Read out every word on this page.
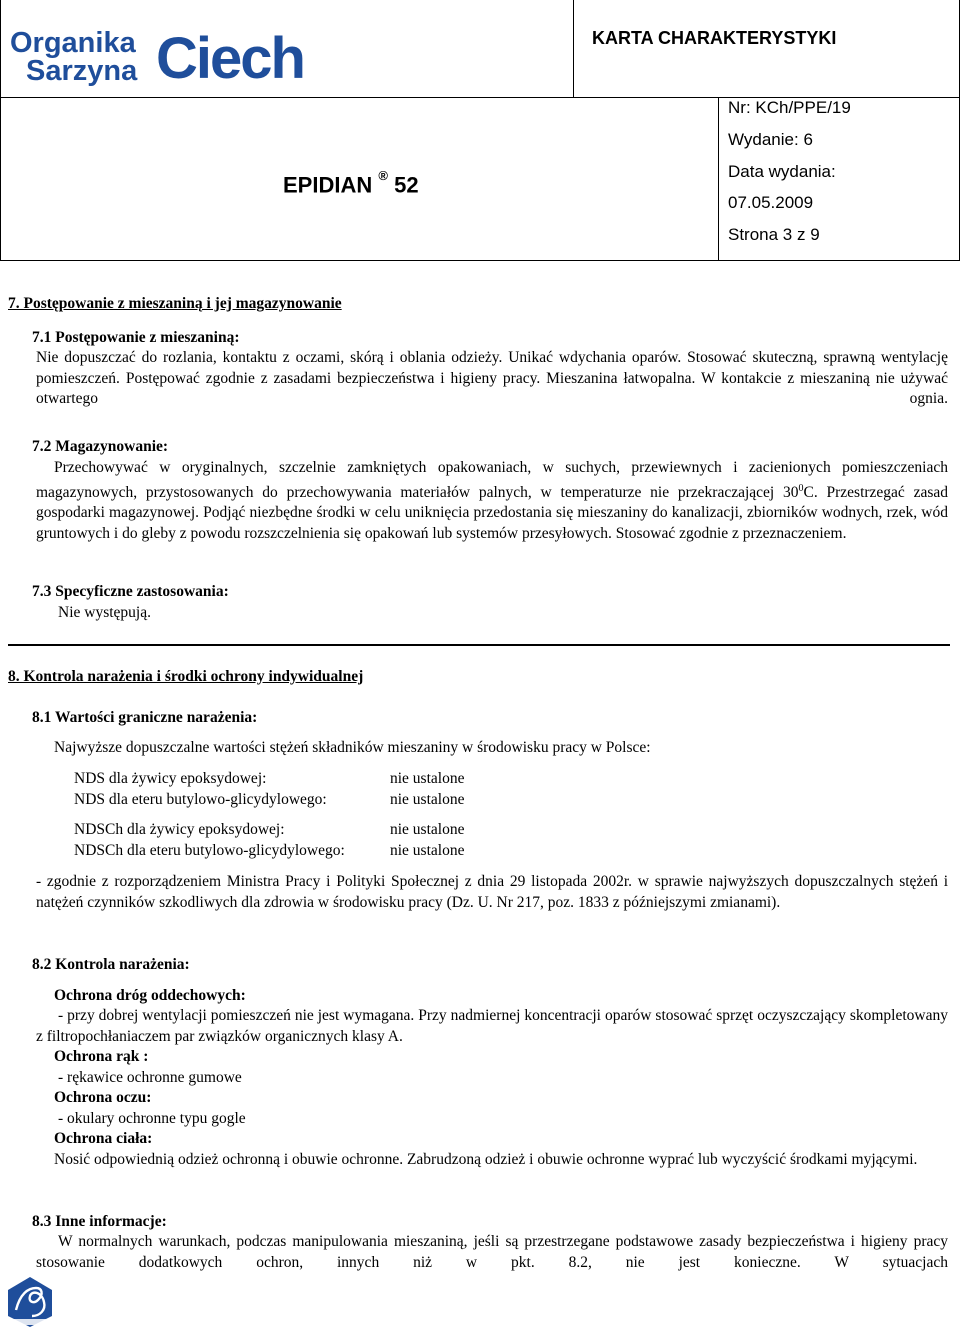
Organika
Sarzyna Ciech	KARTA CHARAKTERYSTYKI
EPIDIAN ® 52
Nr: KCh/PPE/19
Wydanie: 6
Data wydania:
07.05.2009
Strona 3 z 9
7. Postępowanie z mieszaniną i jej magazynowanie
7.1 Postępowanie z mieszaniną:
Nie dopuszczać do rozlania, kontaktu z oczami, skórą i oblania odzieży. Unikać wdychania oparów. Stosować skuteczną, sprawną wentylację pomieszczeń. Postępować zgodnie z zasadami bezpieczeństwa i higieny pracy. Mieszanina łatwopalna. W kontakcie z mieszaniną nie używać otwartego ognia.
7.2 Magazynowanie:
Przechowywać w oryginalnych, szczelnie zamkniętych opakowaniach, w suchych, przewiewnych i zacienionych pomieszczeniach magazynowych, przystosowanych do przechowywania materiałów palnych, w temperaturze nie przekraczającej $30^0C$. Przestrzegać zasad gospodarki magazynowej. Podjąć niezbędne środki w celu uniknięcia przedostania się mieszaniny do kanalizacji, zbiorników wodnych, rzek, wód gruntowych i do gleby z powodu rozszczelnienia się opakowań lub systemów przesyłowych. Stosować zgodnie z przeznaczeniem.
7.3 Specyficzne zastosowania:
Nie występują.
8. Kontrola narażenia i środki ochrony indywidualnej
8.1 Wartości graniczne narażenia:
Najwyższe dopuszczalne wartości stężeń składników mieszaniny w środowisku pracy w Polsce:
NDS dla żywicy epoksydowej:	nie ustalone
NDS dla eteru butylowo-glicydylowego:	nie ustalone
NDSCh dla żywicy epoksydowej:	nie ustalone
NDSCh dla eteru butylowo-glicydylowego:	nie ustalone
- zgodnie z rozporządzeniem Ministra Pracy i Polityki Społecznej z dnia 29 listopada 2002r. w sprawie najwyższych dopuszczalnych stężeń i natężeń czynników szkodliwych dla zdrowia w środowisku pracy (Dz. U. Nr 217, poz. 1833 z późniejszymi zmianami).
8.2 Kontrola narażenia:
Ochrona dróg oddechowych:
- przy dobrej wentylacji pomieszczeń nie jest wymagana. Przy nadmiernej koncentracji oparów stosować sprzęt oczyszczający skompletowany z filtropochłaniaczem par związków organicznych klasy A.
Ochrona rąk :
- rękawice ochronne gumowe
Ochrona oczu:
- okulary ochronne typu gogle
Ochrona ciała:
Nosić odpowiednią odzież ochronną i obuwie ochronne. Zabrudzoną odzież i obuwie ochronne wyprać lub wyczyścić środkami myjącymi.
8.3 Inne informacje:
W normalnych warunkach, podczas manipulowania mieszaniną, jeśli są przestrzegane podstawowe zasady bezpieczeństwa i higieny pracy stosowanie dodatkowych ochron, innych niż w pkt. 8.2, nie jest konieczne. W sytuacjach
